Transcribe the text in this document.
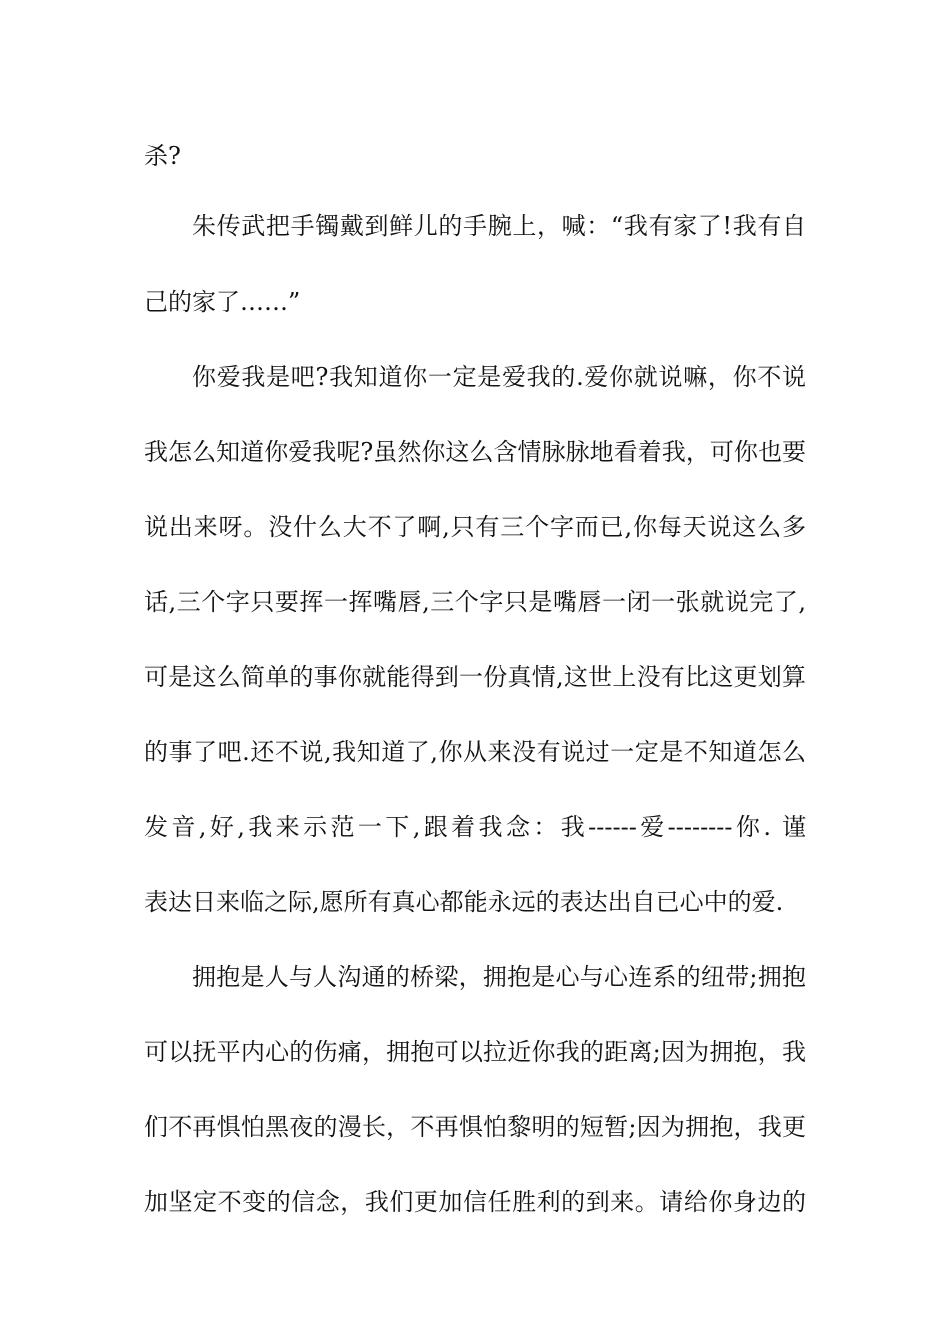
杀?
朱传武把手镯戴到鲜儿的手腕上，喊：“我有家了!我有自
己的家了……”
你爱我是吧?我知道你一定是爱我的.爱你就说嘛，你不说
我怎么知道你爱我呢?虽然你这么含情脉脉地看着我，可你也要
说出来呀。没什么大不了啊,只有三个字而已,你每天说这么多
话,三个字只要挥一挥嘴唇,三个字只是嘴唇一闭一张就说完了,
可是这么简单的事你就能得到一份真情,这世上没有比这更划算
的事了吧.还不说,我知道了,你从来没有说过一定是不知道怎么
发音,好,我来示范一下,跟着我念：我------爱--------你. 谨
表达日来临之际,愿所有真心都能永远的表达出自已心中的爱.
拥抱是人与人沟通的桥梁，拥抱是心与心连系的纽带;拥抱
可以抚平内心的伤痛，拥抱可以拉近你我的距离;因为拥抱，我
们不再惧怕黑夜的漫长，不再惧怕黎明的短暂;因为拥抱，我更
加坚定不变的信念，我们更加信任胜利的到来。请给你身边的
